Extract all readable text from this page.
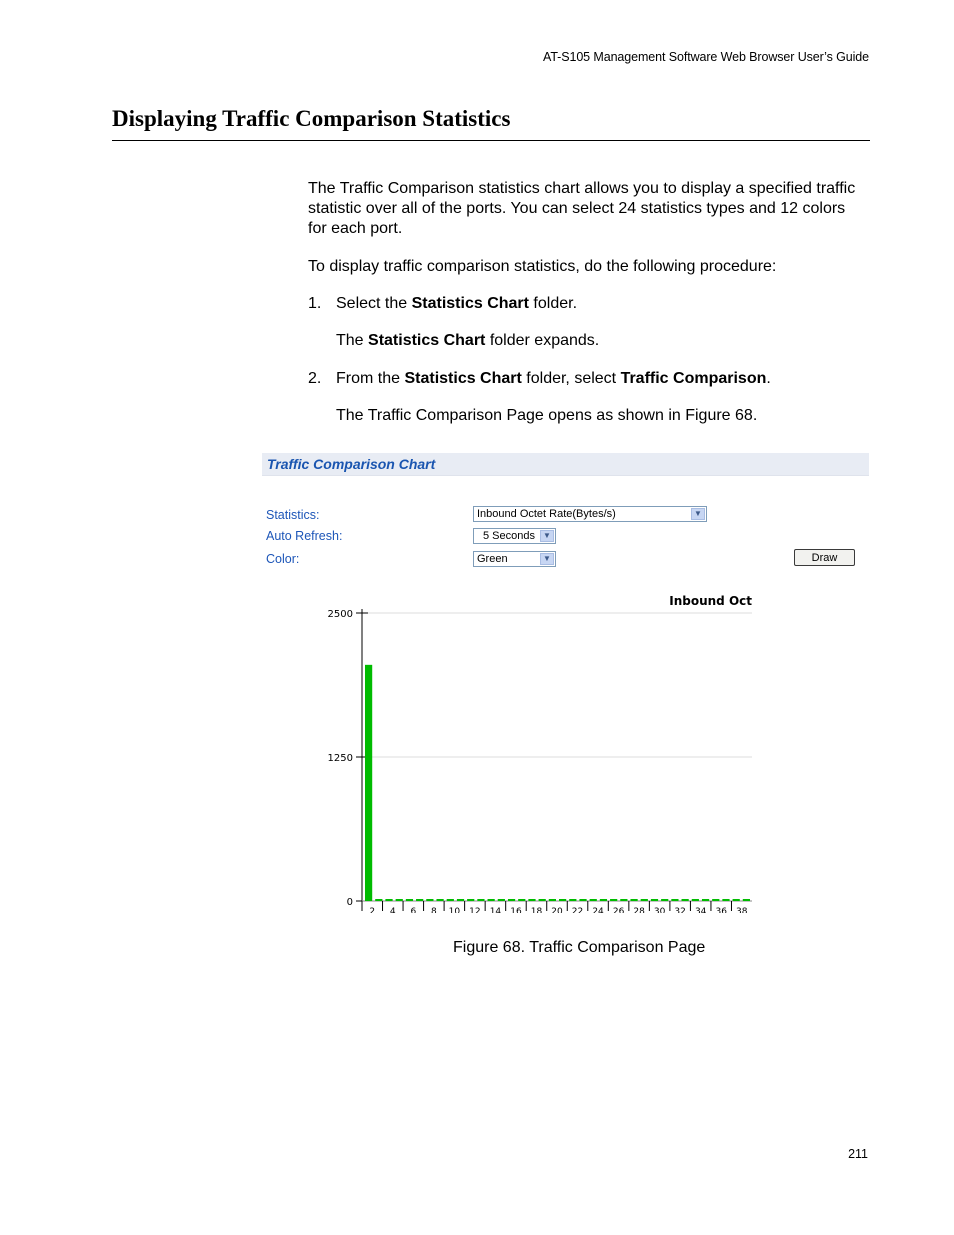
AT-S105 Management Software Web Browser User’s Guide
Displaying Traffic Comparison Statistics
The Traffic Comparison statistics chart allows you to display a specified traffic statistic over all of the ports. You can select 24 statistics types and 12 colors for each port.
To display traffic comparison statistics, do the following procedure:
1. Select the Statistics Chart folder.
The Statistics Chart folder expands.
2. From the Statistics Chart folder, select Traffic Comparison.
The Traffic Comparison Page opens as shown in Figure 68.
Traffic Comparison Chart
Statistics:	Inbound Octet Rate(Bytes/s)	▼
Auto Refresh:	5 Seconds	▼
Color:	Green	▼	Draw
Inbound Oct
2500
1250
0
2 4 6 8 10 12 14 16 18 20 22 24 26 28 30 32 34 36 38
Figure 68. Traffic Comparison Page
211
